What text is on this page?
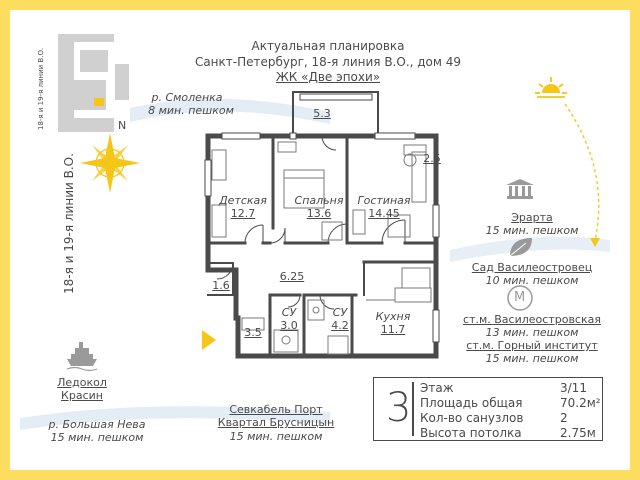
Актуальная планировка
Санкт-Петербург, 18-я линия В.О., дом 49
ЖК «Две эпохи»
18-я и 19-я линии В.О.	N
18-я и 19-я линии В.О.
р. Смоленка
8 мин. пешком
Ледокол
Красин
р. Большая Нева
15 мин. пешком
Севкабель Порт
Квартал Брусницын
15 мин. пешком
Эрарта
15 мин. пешком
Сад Василеостровец
10 мин. пешком
M
ст.м. Василеостровская
13 мин. пешком
ст.м. Горный институт
15 мин. пешком
5.3
Детская
12.7
Спальня
13.6
Гостиная
14.45
2.5
6.25
1.6
3.5
СУ
3.0
СУ
4.2
Кухня
11.7
3 Этаж	3/11
Площадь общая	70.2м²
Кол-во санузлов	2
Высота потолка	2.75м
